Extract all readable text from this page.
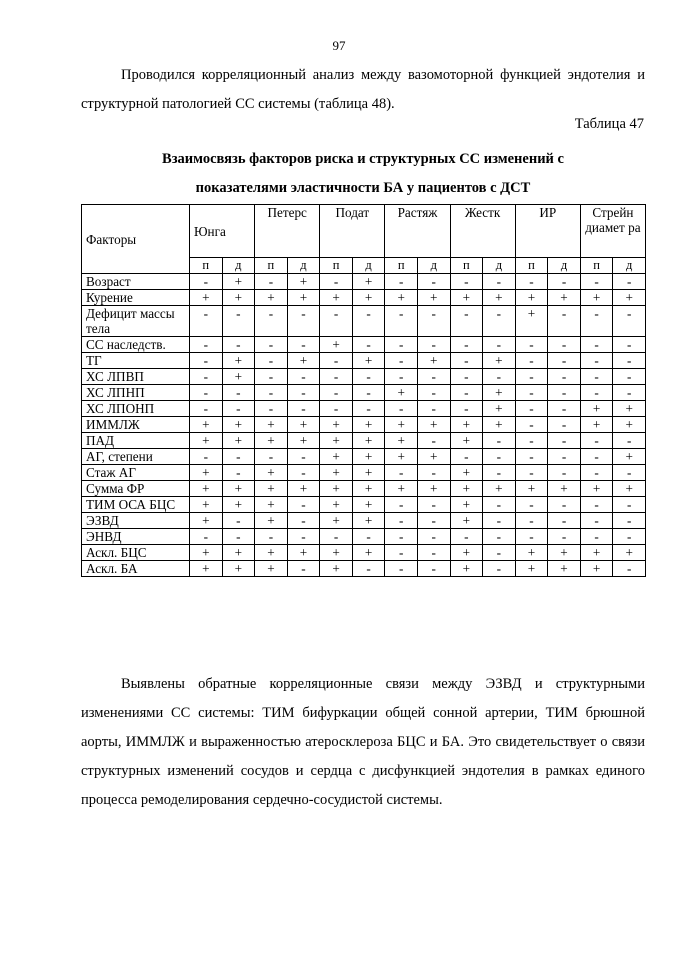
97

Проводился корреляционный анализ между вазомоторной функцией эндотелия и структурной патологией СС системы (таблица 48).

Таблица 47
Взаимосвязь факторов риска и структурных СС изменений с
показателями эластичности БА у пациентов с ДСТ
Факторы	Юнга		Петерс		Подат		Растяж		Жестк		ИР		Стрейн диамет ра	
	п	д	п	д	п	д	п	д	п	д	п	д	п	д
Возраст	-	+	-	+	-	+	-	-	-	-	-	-	-	-
Курение	+	+	+	+	+	+	+	+	+	+	+	+	+	+
Дефицит массы тела	-	-	-	-	-	-	-	-	-	-	+	-	-	-
СС наследств.	-	-	-	-	+	-	-	-	-	-	-	-	-	-
ТГ	-	+	-	+	-	+	-	+	-	+	-	-	-	-
ХС ЛПВП	-	+	-	-	-	-	-	-	-	-	-	-	-	-
ХС ЛПНП	-	-	-	-	-	-	+	-	-	+	-	-	-	-
ХС ЛПОНП	-	-	-	-	-	-	-	-	-	+	-	-	+	+
ИММЛЖ	+	+	+	+	+	+	+	+	+	+	-	-	+	+
ПАД	+	+	+	+	+	+	+	-	+	-	-	-	-	-
АГ, степени	-	-	-	-	+	+	+	+	-	-	-	-	-	+
Стаж АГ	+	-	+	-	+	+	-	-	+	-	-	-	-	-
Сумма ФР	+	+	+	+	+	+	+	+	+	+	+	+	+	+
ТИМ ОСА БЦС	+	+	+	-	+	+	-	-	+	-	-	-	-	-
ЭЗВД	+	-	+	-	+	+	-	-	+	-	-	-	-	-
ЭНВД	-	-	-	-	-	-	-	-	-	-	-	-	-	-
Аскл. БЦС	+	+	+	+	+	+	-	-	+	-	+	+	+	+
Аскл. БА	+	+	+	-	+	-	-	-	+	-	+	+	+	-

Выявлены обратные корреляционные связи между ЭЗВД и структурными изменениями СС системы: ТИМ бифуркации общей сонной артерии, ТИМ брюшной аорты, ИММЛЖ и выраженностью атеросклероза БЦС и БА. Это свидетельствует о связи структурных изменений сосудов и сердца с дисфункцией эндотелия в рамках единого процесса ремоделирования сердечно-сосудистой системы.
